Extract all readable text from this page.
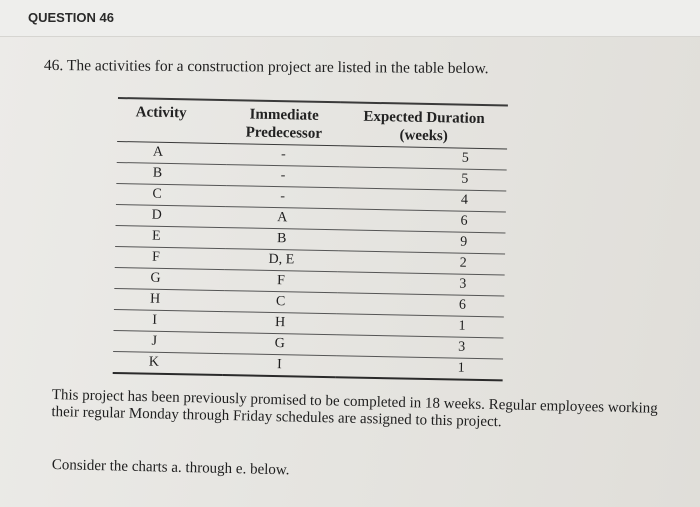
QUESTION 46
46. The activities for a construction project are listed in the table below.

Activity	Immediate Predecessor	Expected Duration (weeks)

A	-	5
B	-	5
C	-	4
D	A	6
E	B	9
F	D, E	2
G	F	3
H	C	6
I	H	1
J	G	3
K	I	1
This project has been previously promised to be completed in 18 weeks. Regular employees working their regular Monday through Friday schedules are assigned to this project.
Consider the charts a. through e. below.
